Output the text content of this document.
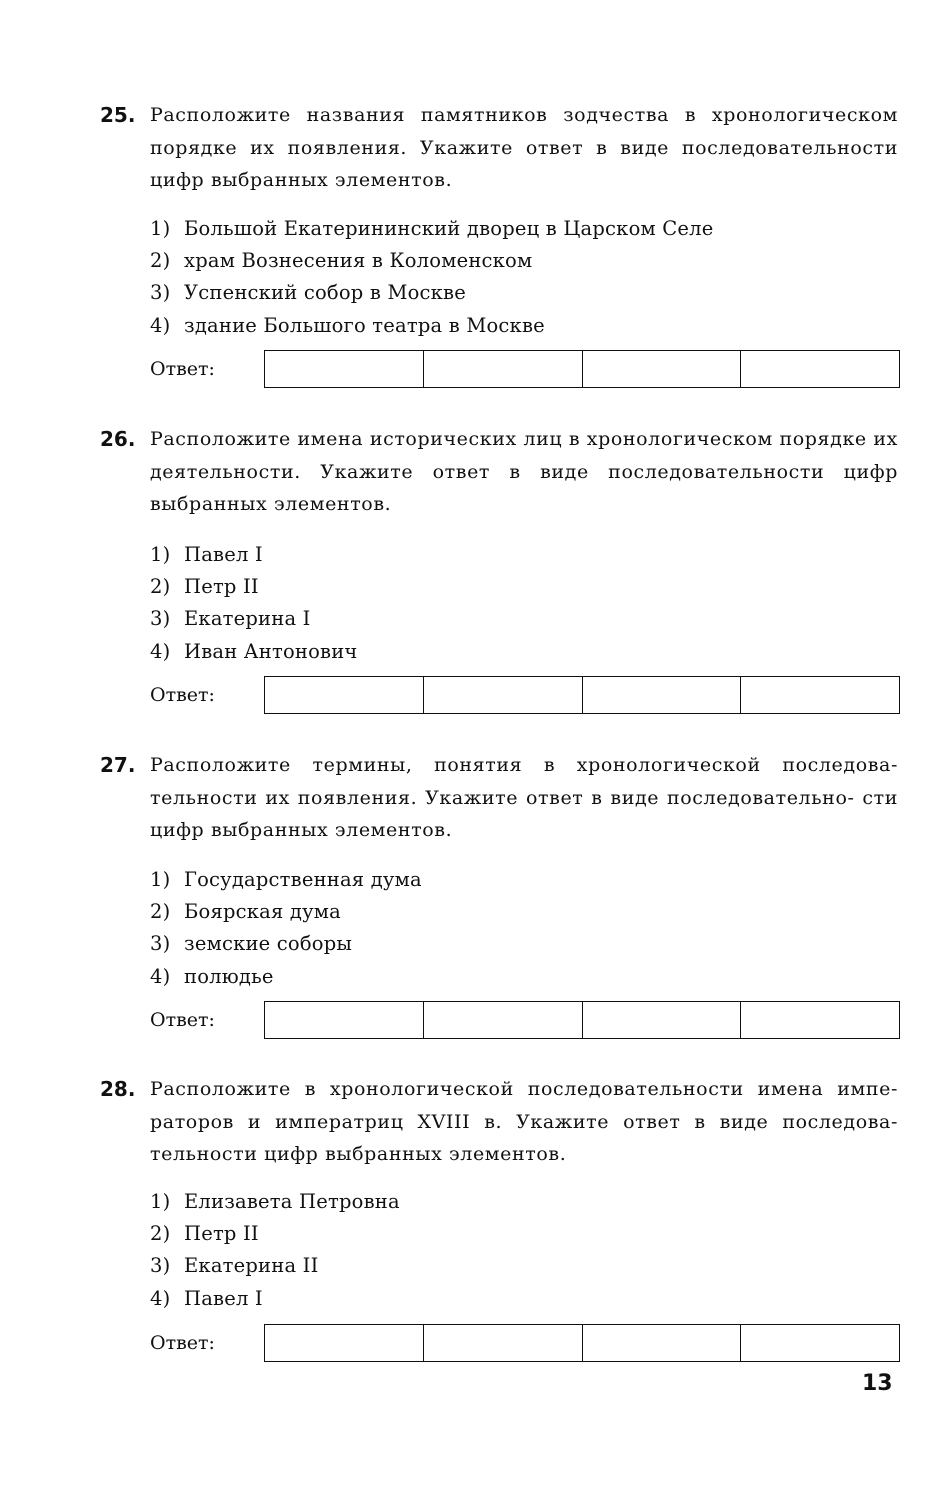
25. Расположите названия памятников зодчества в хронологическом порядке их появления. Укажите ответ в виде последовательности цифр выбранных элементов.

1) Большой Екатерининский дворец в Царском Селе
2) храм Вознесения в Коломенском
3) Успенский собор в Москве
4) здание Большого театра в Москве
Ответ:
26. Расположите имена исторических лиц в хронологическом порядке их деятельности. Укажите ответ в виде последовательности цифр выбранных элементов.

1) Павел I
2) Петр II
3) Екатерина I
4) Иван Антонович
Ответ:
27. Расположите термины, понятия в хронологической последова- тельности их появления. Укажите ответ в виде последовательно- сти цифр выбранных элементов.

1) Государственная дума
2) Боярская дума
3) земские соборы
4) полюдье
Ответ:
28. Расположите в хронологической последовательности имена импе- раторов и императриц XVIII в. Укажите ответ в виде последова- тельности цифр выбранных элементов.

1) Елизавета Петровна
2) Петр II
3) Екатерина II
4) Павел I
Ответ:
13
